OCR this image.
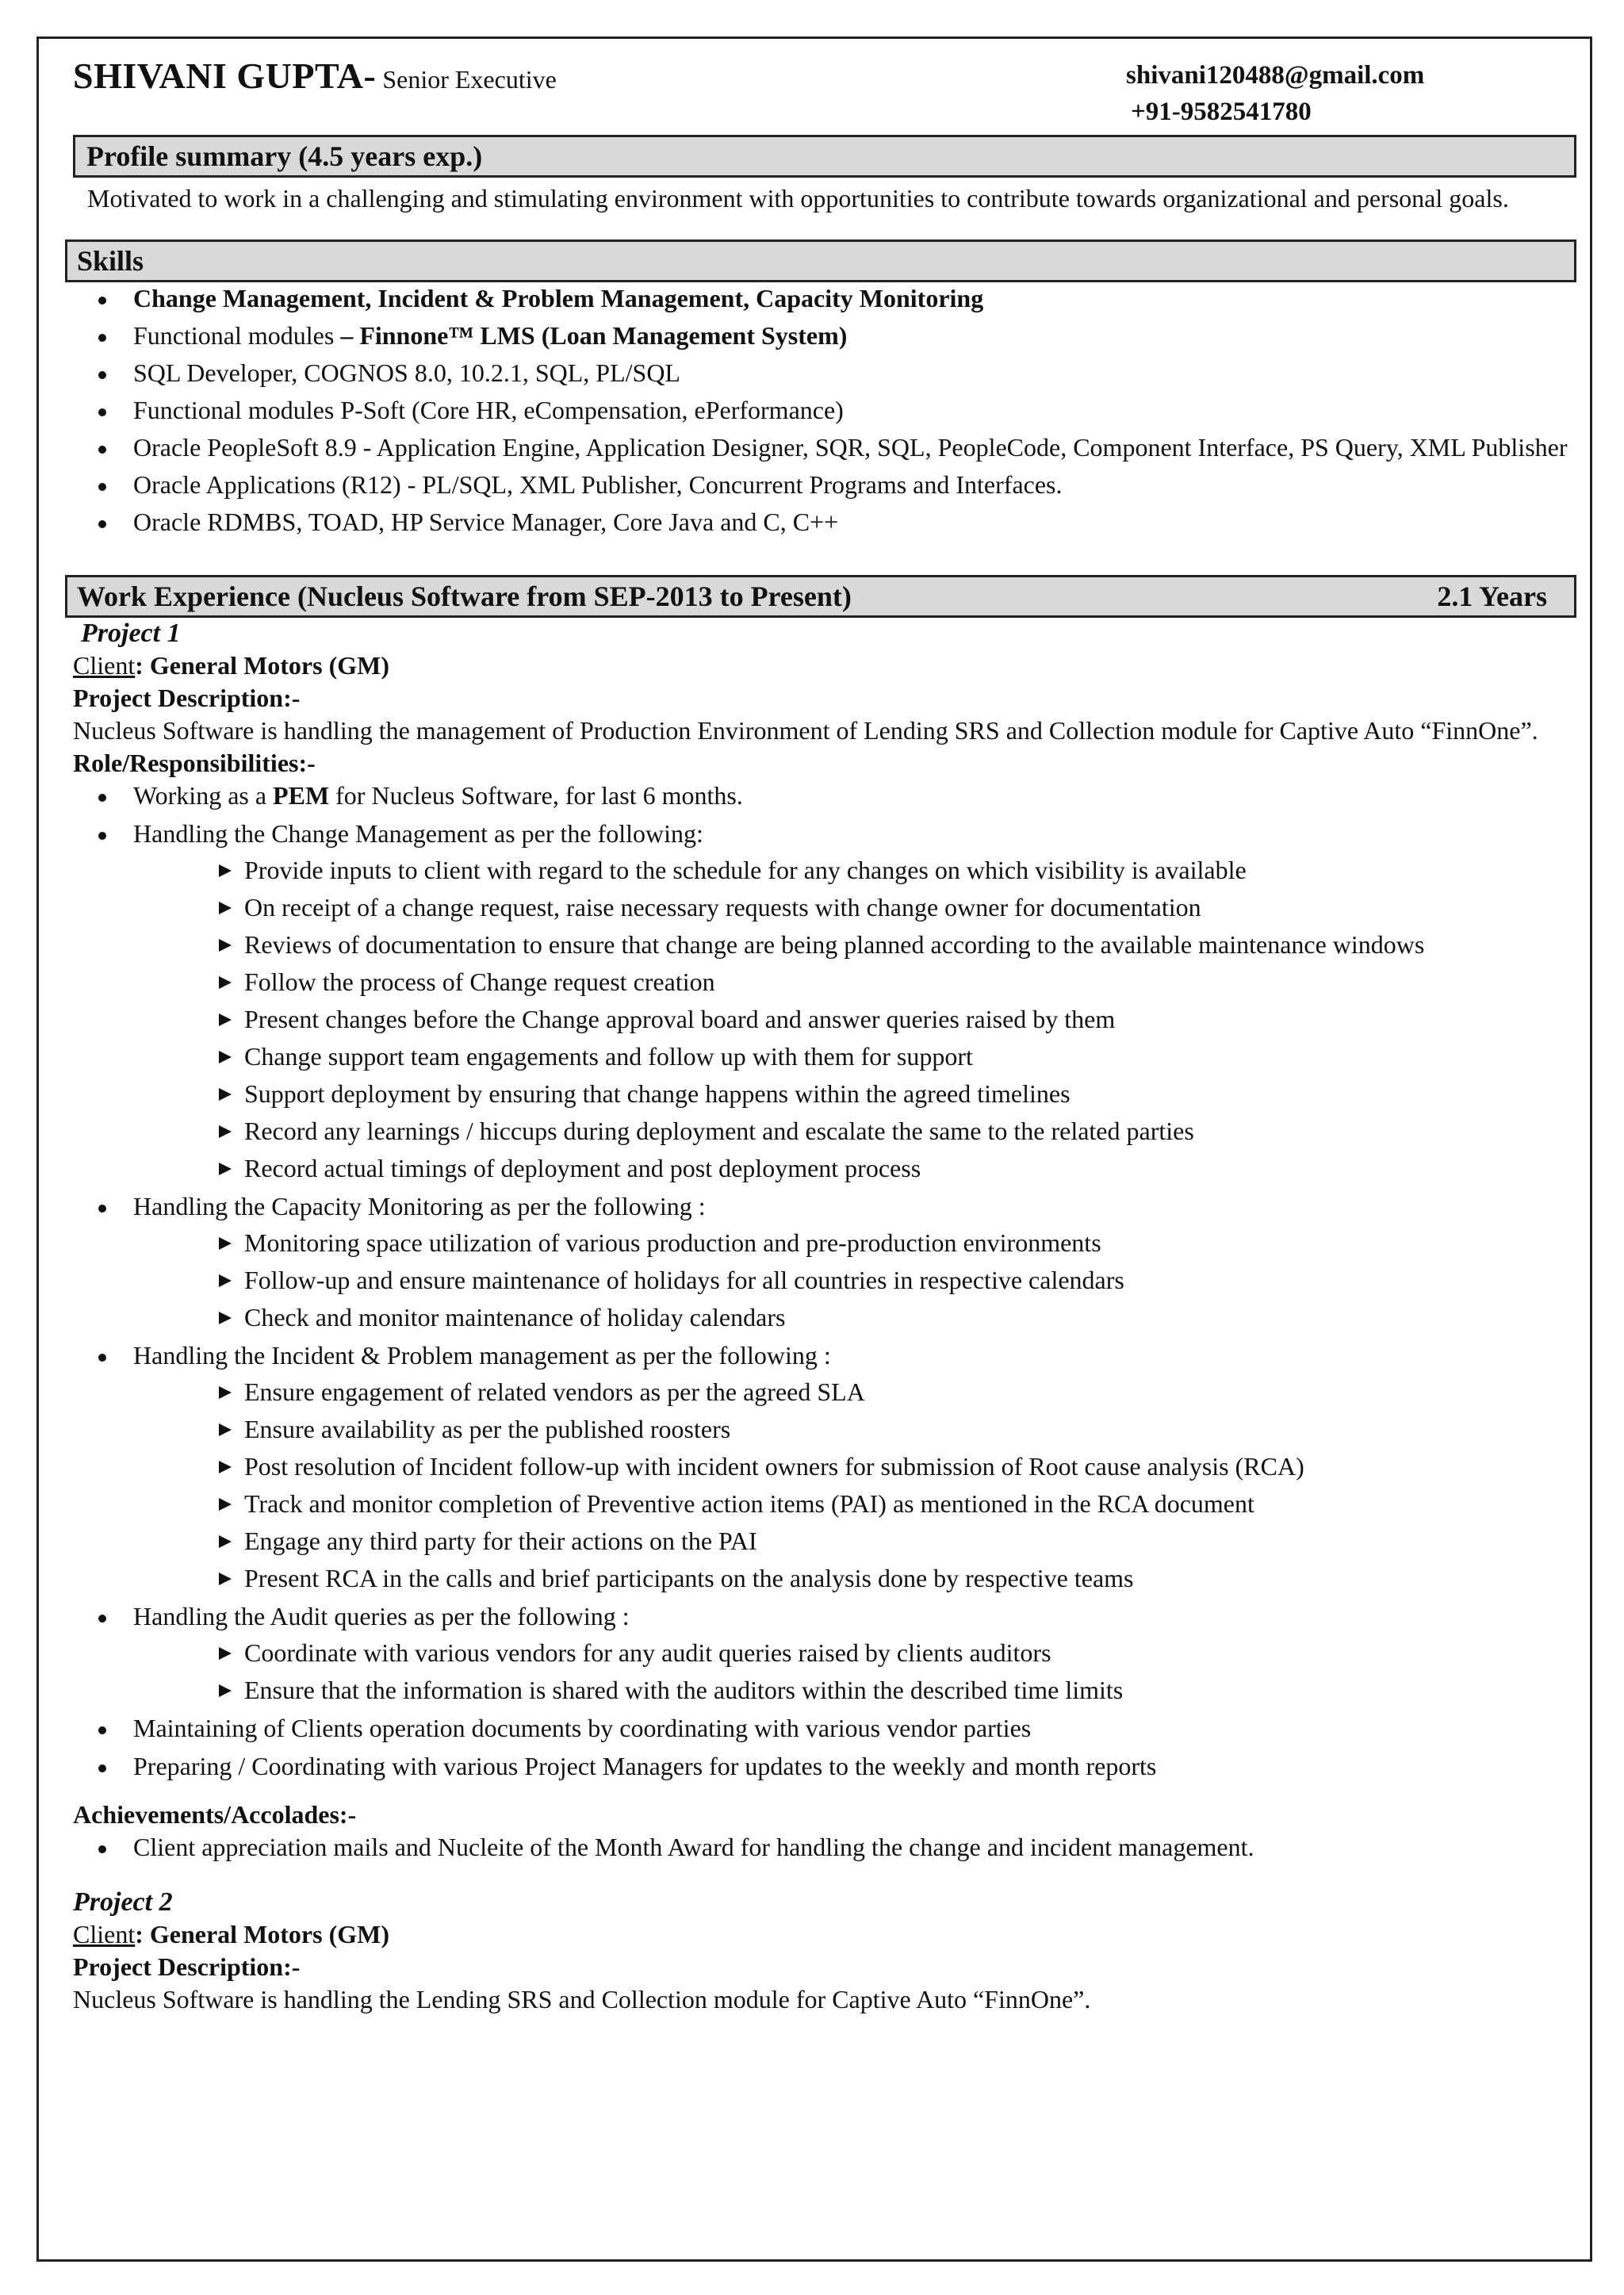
SHIVANI GUPTA- Senior Executive	shivani120488@gmail.com
+91-9582541780
Profile summary (4.5 years exp.)

Motivated to work in a challenging and stimulating environment with opportunities to contribute towards organizational and personal goals.

Skills
Change Management, Incident & Problem Management, Capacity Monitoring
Functional modules – Finnone™ LMS (Loan Management System)
SQL Developer, COGNOS 8.0, 10.2.1, SQL, PL/SQL
Functional modules P-Soft (Core HR, eCompensation, ePerformance)
Oracle PeopleSoft 8.9 - Application Engine, Application Designer, SQR, SQL, PeopleCode, Component Interface, PS Query, XML Publisher
Oracle Applications (R12) - PL/SQL, XML Publisher, Concurrent Programs and Interfaces.
Oracle RDMBS, TOAD, HP Service Manager, Core Java and C, C++
Work Experience (Nucleus Software from SEP-2013 to Present)	2.1 Years
Project 1
Client: General Motors (GM)
Project Description:-

Nucleus Software is handling the management of Production Environment of Lending SRS and Collection module for Captive Auto “FinnOne”.

Role/Responsibilities:-
Working as a PEM for Nucleus Software, for last 6 months.
Handling the Change Management as per the following:
Provide inputs to client with regard to the schedule for any changes on which visibility is available
On receipt of a change request, raise necessary requests with change owner for documentation
Reviews of documentation to ensure that change are being planned according to the available maintenance windows
Follow the process of Change request creation
Present changes before the Change approval board and answer queries raised by them
Change support team engagements and follow up with them for support
Support deployment by ensuring that change happens within the agreed timelines
Record any learnings / hiccups during deployment and escalate the same to the related parties
Record actual timings of deployment and post deployment process
Handling the Capacity Monitoring as per the following :
Monitoring space utilization of various production and pre-production environments
Follow-up and ensure maintenance of holidays for all countries in respective calendars
Check and monitor maintenance of holiday calendars
Handling the Incident & Problem management as per the following :
Ensure engagement of related vendors as per the agreed SLA
Ensure availability as per the published roosters
Post resolution of Incident follow-up with incident owners for submission of Root cause analysis (RCA)
Track and monitor completion of Preventive action items (PAI) as mentioned in the RCA document
Engage any third party for their actions on the PAI
Present RCA in the calls and brief participants on the analysis done by respective teams
Handling the Audit queries as per the following :
Coordinate with various vendors for any audit queries raised by clients auditors
Ensure that the information is shared with the auditors within the described time limits
Maintaining of Clients operation documents by coordinating with various vendor parties
Preparing / Coordinating with various Project Managers for updates to the weekly and month reports
Achievements/Accolades:-
Client appreciation mails and Nucleite of the Month Award for handling the change and incident management.
Project 2
Client: General Motors (GM)
Project Description:-

Nucleus Software is handling the Lending SRS and Collection module for Captive Auto “FinnOne”.
